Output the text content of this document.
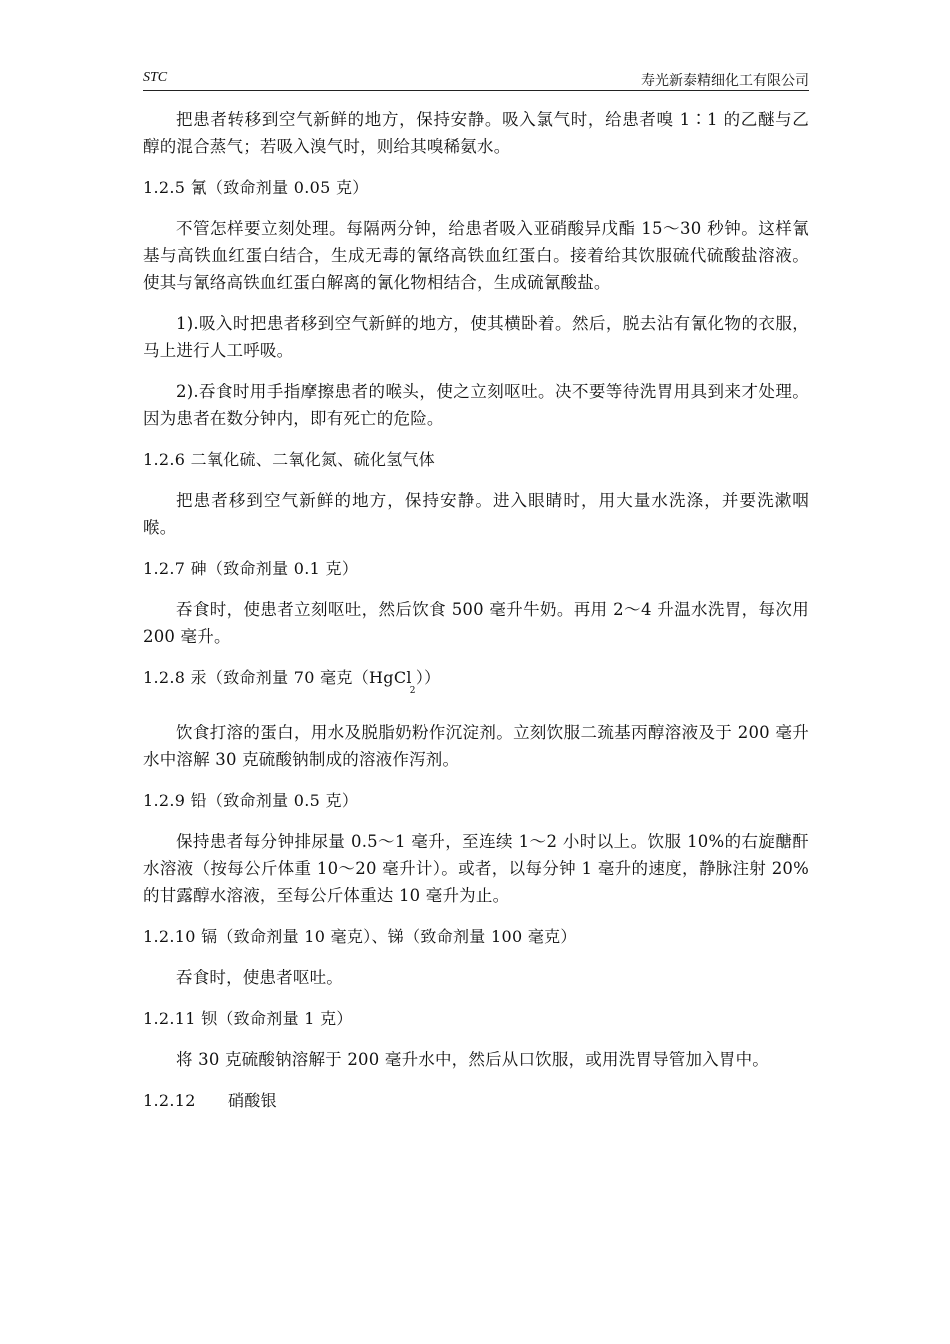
STC	寿光新泰精细化工有限公司

把患者转移到空气新鲜的地方，保持安静。吸入氯气时，给患者嗅 1∶1 的乙醚与乙醇的混合蒸气；若吸入溴气时，则给其嗅稀氨水。

1.2.5 氰（致命剂量 0.05 克）

不管怎样要立刻处理。每隔两分钟，给患者吸入亚硝酸异戊酯 15～30 秒钟。这样氰基与高铁血红蛋白结合，生成无毒的氰络高铁血红蛋白。接着给其饮服硫代硫酸盐溶液。使其与氰络高铁血红蛋白解离的氰化物相结合，生成硫氰酸盐。

1).吸入时把患者移到空气新鲜的地方，使其横卧着。然后，脱去沾有氰化物的衣服，马上进行人工呼吸。

2).吞食时用手指摩擦患者的喉头，使之立刻呕吐。决不要等待洗胃用具到来才处理。因为患者在数分钟内，即有死亡的危险。

1.2.6 二氧化硫、二氧化氮、硫化氢气体

把患者移到空气新鲜的地方，保持安静。进入眼睛时，用大量水洗涤，并要洗漱咽喉。

1.2.7 砷（致命剂量 0.1 克）

吞食时，使患者立刻呕吐，然后饮食 500 毫升牛奶。再用 2～4 升温水洗胃，每次用 200 毫升。

1.2.8 汞（致命剂量 70 毫克（HgCl$_2$））

饮食打溶的蛋白，用水及脱脂奶粉作沉淀剂。立刻饮服二巯基丙醇溶液及于 200 毫升水中溶解 30 克硫酸钠制成的溶液作泻剂。

1.2.9 铅（致命剂量 0.5 克）

保持患者每分钟排尿量 0.5～1 毫升，至连续 1～2 小时以上。饮服 10%的右旋醣酐水溶液（按每公斤体重 10～20 毫升计）。或者，以每分钟 1 毫升的速度，静脉注射 20%的甘露醇水溶液，至每公斤体重达 10 毫升为止。

1.2.10 镉（致命剂量 10 毫克）、锑（致命剂量 100 毫克）

吞食时，使患者呕吐。

1.2.11 钡（致命剂量 1 克）

将 30 克硫酸钠溶解于 200 毫升水中，然后从口饮服，或用洗胃导管加入胃中。

1.2.12      硝酸银
